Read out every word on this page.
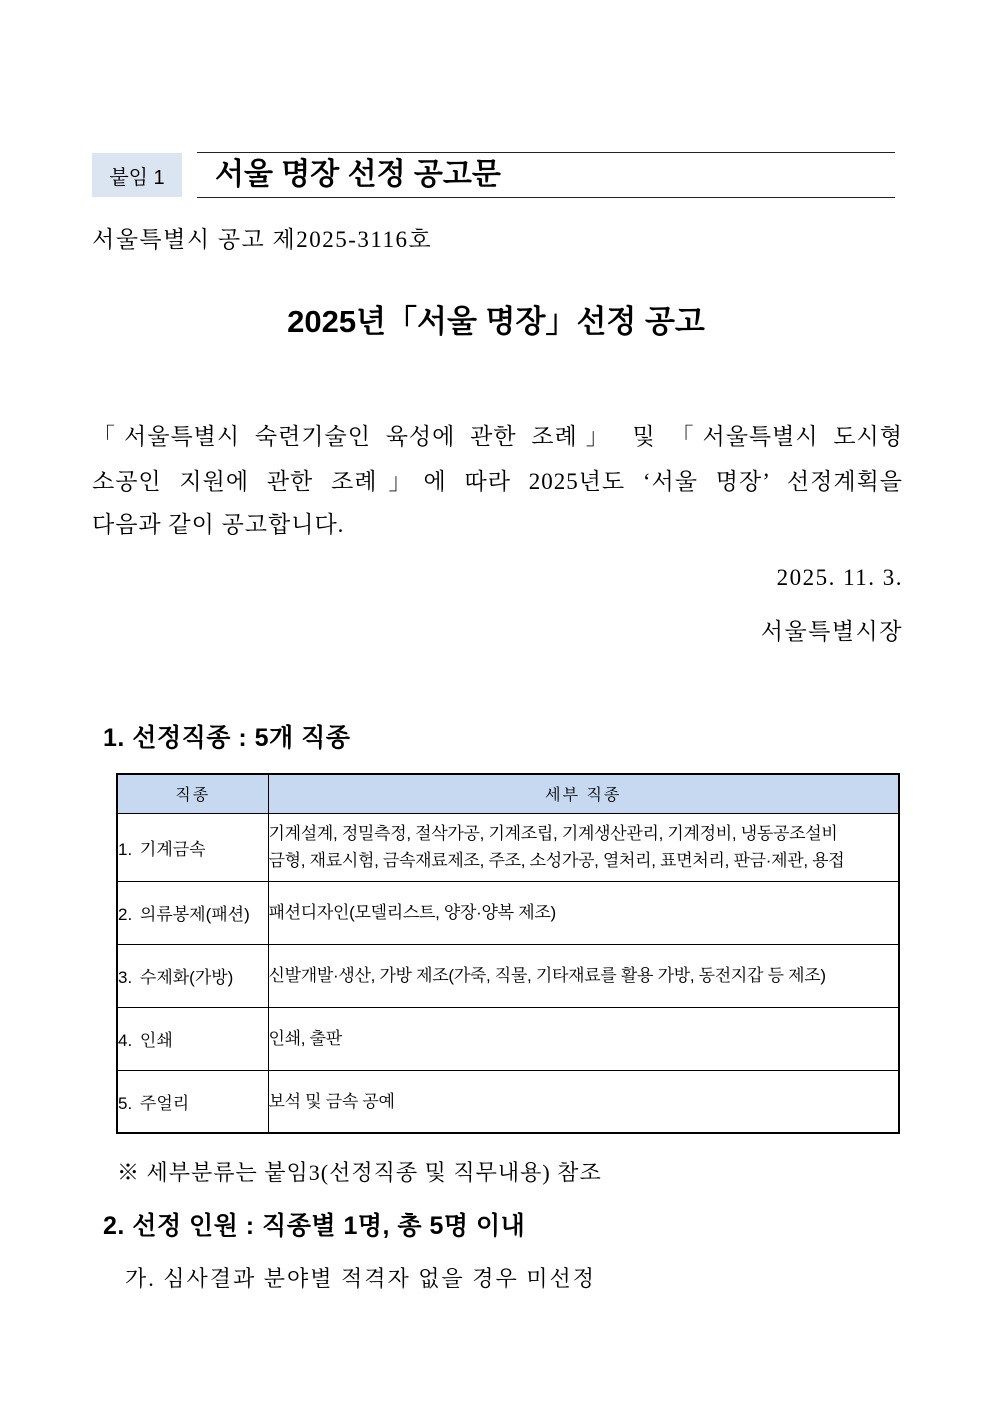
붙임 1 서울 명장 선정 공고문
서울특별시 공고 제2025-3116호
2025년「서울 명장」선정 공고
「서울특별시 숙련기술인 육성에 관한 조례」 및 「서울특별시 도시형
소공인 지원에 관한 조례」에 따라 2025년도 ‘서울 명장’ 선정계획을
다음과 같이 공고합니다.
2025. 11. 3.
서울특별시장
1. 선정직종 : 5개 직종
직종	세부 직종
1. 기계금속	기계설계, 정밀측정, 절삭가공, 기계조립, 기계생산관리, 기계정비, 냉동공조설비
금형, 재료시험, 금속재료제조, 주조, 소성가공, 열처리, 표면처리, 판금·제관, 용접

2. 의류봉제(패션)	패션디자인(모델리스트, 양장·양복 제조)

3. 수제화(가방)	신발개발·생산, 가방 제조(가죽, 직물, 기타재료를 활용 가방, 동전지갑 등 제조)

4. 인쇄	인쇄, 출판

5. 주얼리	보석 및 금속 공예
※ 세부분류는 붙임3(선정직종 및 직무내용) 참조
2. 선정 인원 : 직종별 1명, 총 5명 이내
가. 심사결과 분야별 적격자 없을 경우 미선정
